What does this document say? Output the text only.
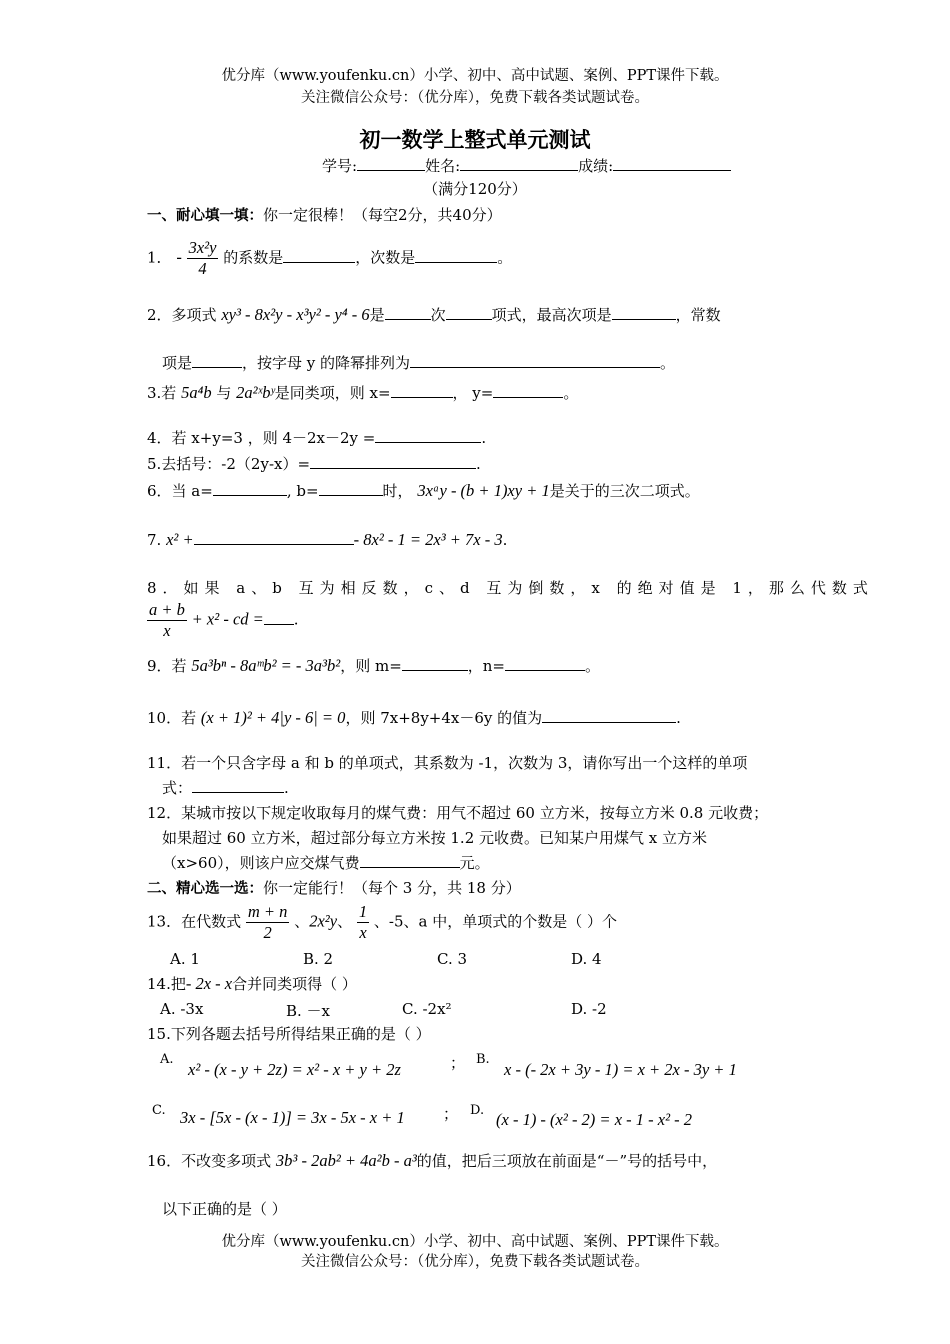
优分库（www.youfenku.cn）小学、初中、高中试题、案例、PPT课件下载。
关注微信公众号：（优分库），免费下载各类试题试卷。
初一数学上整式单元测试
学号:	姓名:	成绩:
（满分120分）
一、耐心填一填：你一定很棒！（每空2分，共40分）
1． - $\frac{\text{3x²y}}{4}$ 的系数是	，次数是	。
2．多项式 xy³ - 8x²y - x³y² - y⁴ - 6是	次	项式，最高次项是	，常数
项是	，按字母 y 的降幂排列为	。
3.若 5a⁴b 与 2a²ˣbʸ是同类项，则 x=	， y=	。
4．若 x+y=3 ，则 4－2x－2y =	.
5.去括号：-2（2y-x）=	.
6．当 a=	, b=	时， 3xᵃy - (b + 1)xy + 1是关于的三次二项式。
7. x² +	- 8x² - 1 = 2x³ + 7x - 3.
8．如果 a、b 互为相反数，c、d 互为倒数，x 的绝对值是 1，那么代数式
$\frac{a + b}{x} + x^2$ - cd = .
9．若 5a³bⁿ - 8aᵐb² = - 3a³b²，则 m=	，n=	。
10．若 (x + 1)² + 4|y - 6| = 0，则 7x+8y+4x－6y 的值为	.
11．若一个只含字母 a 和 b 的单项式，其系数为 -1，次数为 3，请你写出一个这样的单项
式：	.
12．某城市按以下规定收取每月的煤气费：用气不超过 60 立方米，按每立方米 0.8 元收费；
如果超过 60 立方米，超过部分每立方米按 1.2 元收费。已知某户用煤气 x 立方米
（x>60），则该户应交煤气费	元。
二、精心选一选：你一定能行！（每个 3 分，共 18 分）
13．在代数式 $\frac{m + n}{2}$ 、2x²y、 $\frac{1}{x}$ 、-5、a 中，单项式的个数是（ ）个
A. 1	B. 2	C. 3	D. 4
14.把- 2x - x合并同类项得（ ）
A. -3x	B. －x	C. -2x²	D. -2
15.下列各题去括号所得结果正确的是（ ）
A.
x² - (x - y + 2z) = x² - x + y + 2z	； B.
x - (- 2x + 3y - 1) = x + 2x - 3y + 1
C. 3x - [5x - (x - 1)] = 3x - 5x - x + 1	； D. (x - 1) - (x² - 2) = x - 1 - x² - 2
16．不改变多项式 3b³ - 2ab² + 4a²b - a³的值，把后三项放在前面是“－”号的括号中，
以下正确的是（ ）
优分库（www.youfenku.cn）小学、初中、高中试题、案例、PPT课件下载。
关注微信公众号：（优分库），免费下载各类试题试卷。
